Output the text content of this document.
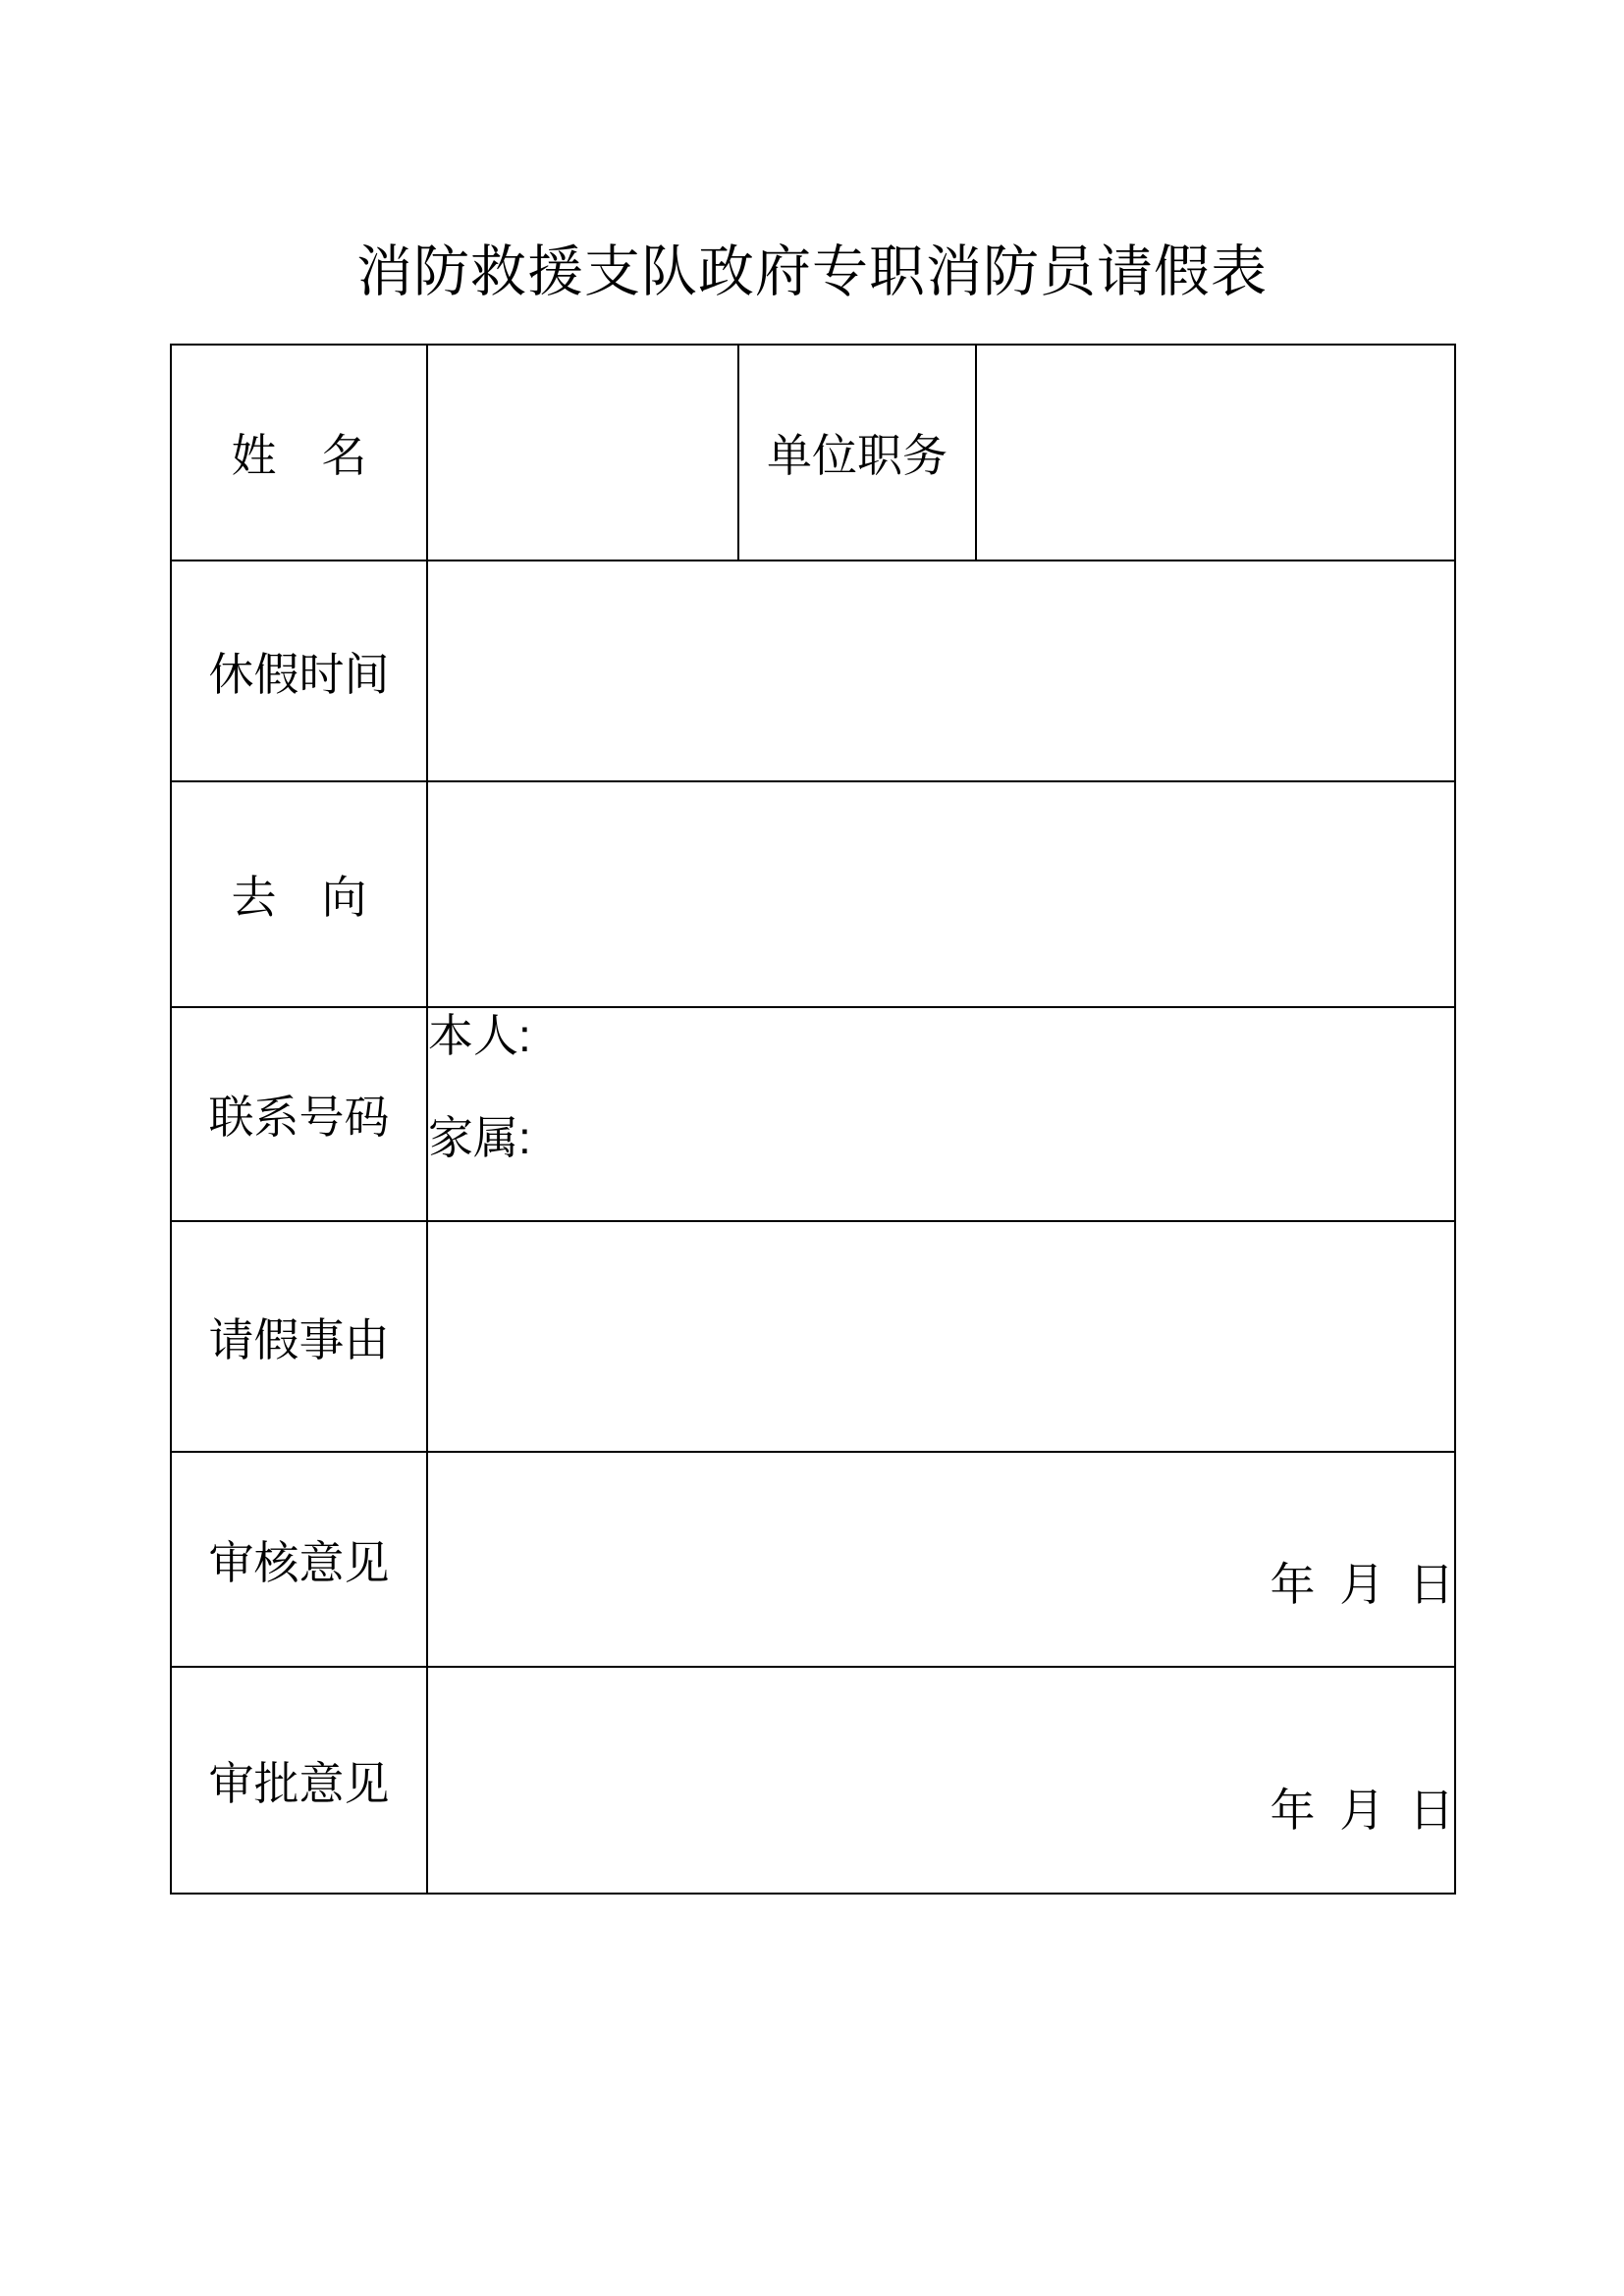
消防救援支队政府专职消防员请假表
姓　名		单位职务	
休假时间			
去　向			
联系号码	本人:
家属:		

请假事由			
审核意见	年 月 日		
审批意见	年 月 日		
